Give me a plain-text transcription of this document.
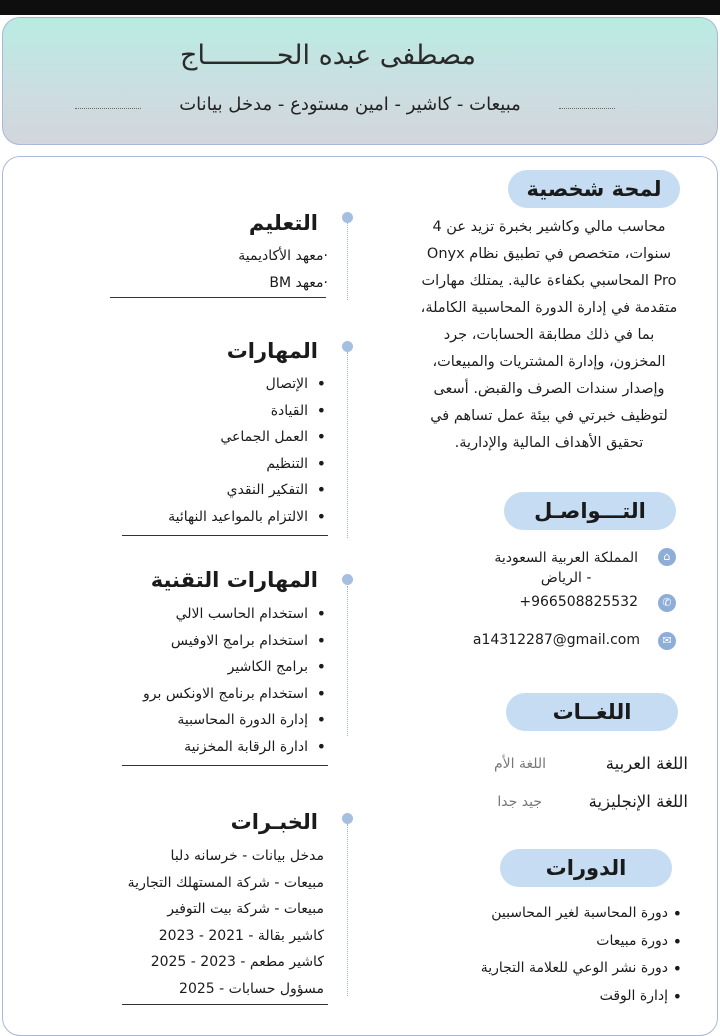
مصطفى عبده الحـــــــــاج
مبيعات - كاشير - امين مستودع - مدخل بيانات
لمحة شخصية
محاسب مالي وكاشير بخبرة تزيد عن 4 سنوات، متخصص في تطبيق نظام Onyx Pro المحاسبي بكفاءة عالية. يمتلك مهارات متقدمة في إدارة الدورة المحاسبية الكاملة، بما في ذلك مطابقة الحسابات، جرد المخزون، وإدارة المشتريات والمبيعات، وإصدار سندات الصرف والقبض. أسعى لتوظيف خبرتي في بيئة عمل تساهم في تحقيق الأهداف المالية والإدارية.
التـــواصـل
⌂
المملكة العربية السعودية
- الرياض
✆
+966508825532
✉
a14312287@gmail.com
اللغــات
اللغة العربية
اللغة الأم
اللغة الإنجليزية
جيد جدا
الدورات
• دورة المحاسبة لغير المحاسبين
• دورة مبيعات
• دورة نشر الوعي للعلامة التجارية
• إدارة الوقت
التعليم
·معهد الأكاديمية
·معهد BM
المهارات
• الإتصال
• القيادة
• العمل الجماعي
• التنظيم
• التفكير النقدي
• الالتزام بالمواعيد النهائية
المهارات التقنية
• استخدام الحاسب الالي
• استخدام برامج الاوفيس
• برامج الكاشير
• استخدام برنامج الاونكس برو
• إدارة الدورة المحاسبية
• ادارة الرقابة المخزنية
الخبـرات
مدخل بيانات - خرسانه دلبا
مبيعات - شركة المستهلك التجارية
مبيعات - شركة بيت التوفير
كاشير بقالة - 2021 - 2023
كاشير مطعم - 2023 - 2025
مسؤول حسابات - 2025
